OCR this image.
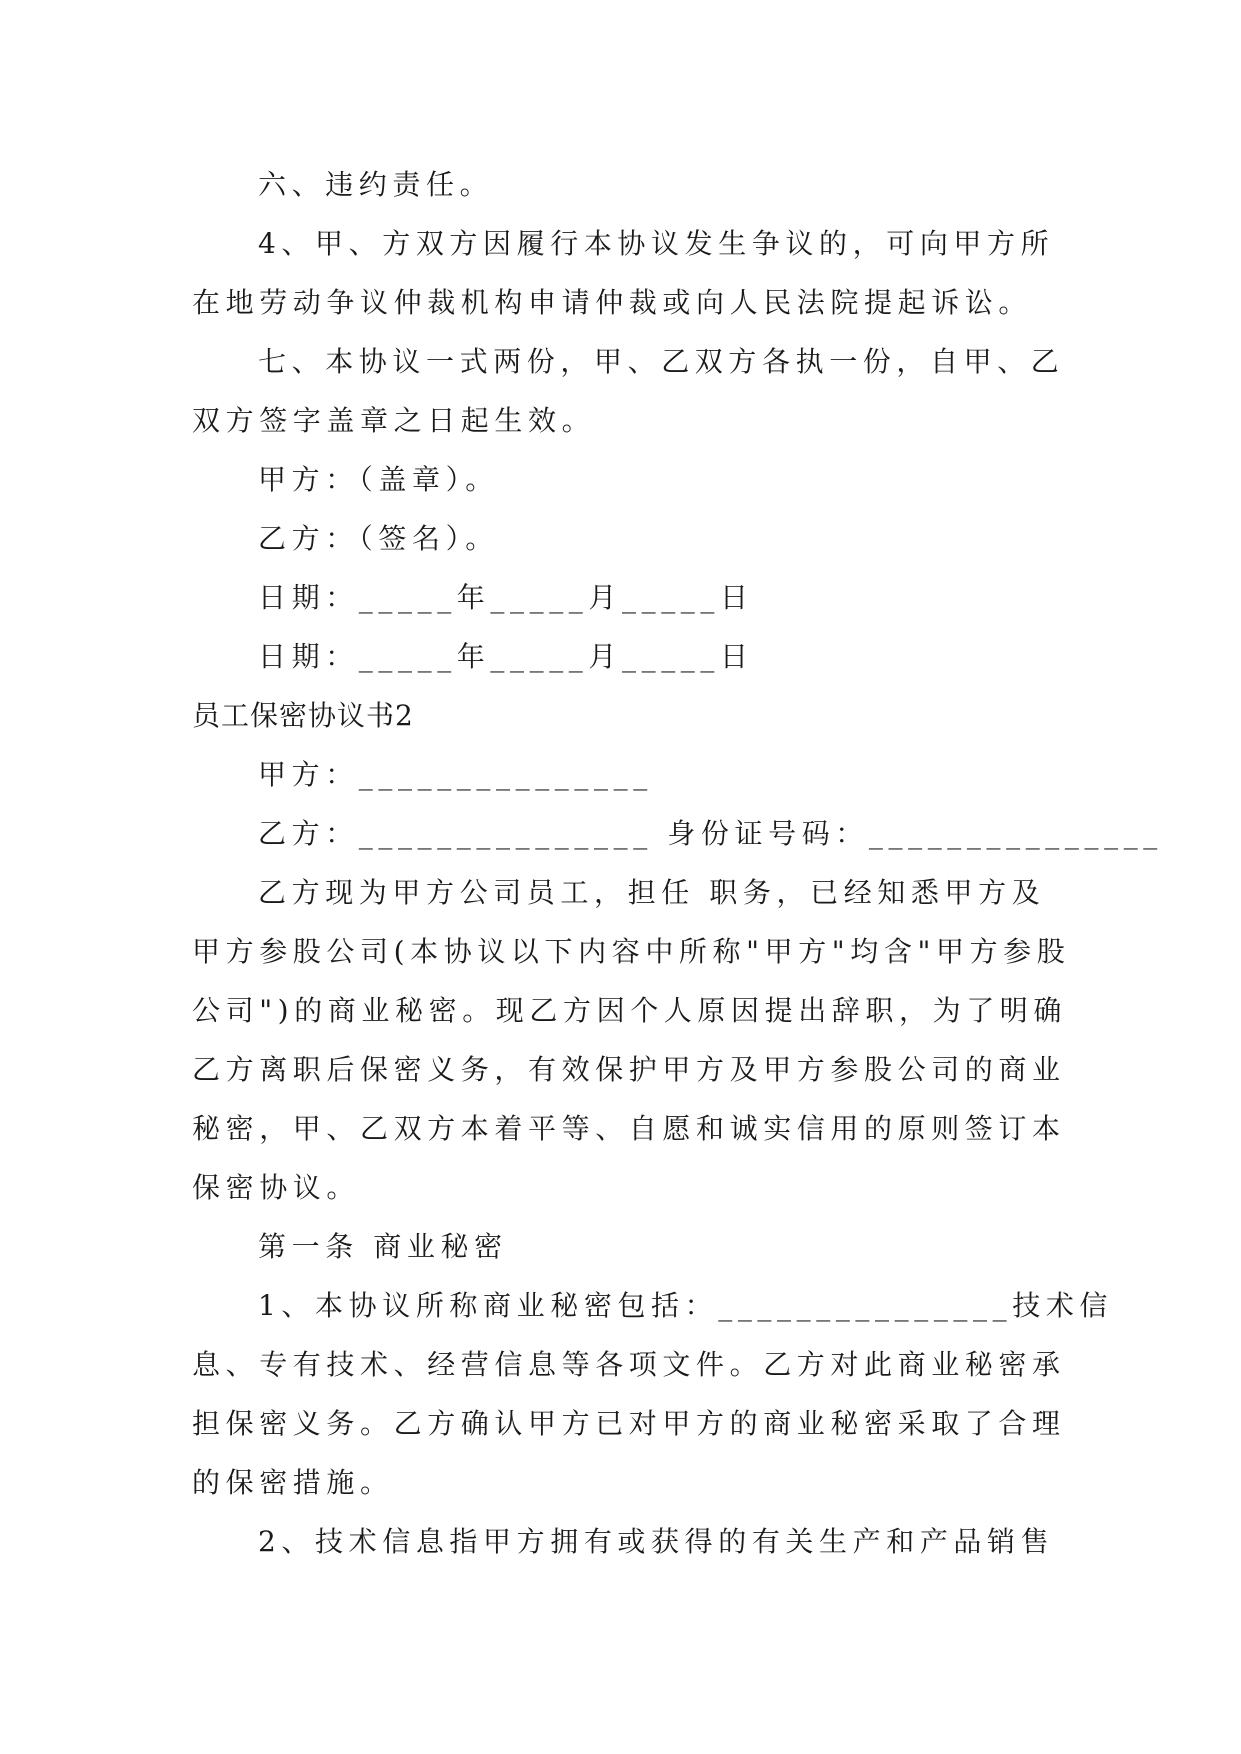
六、违约责任。
4、甲、方双方因履行本协议发生争议的，可向甲方所
在地劳动争议仲裁机构申请仲裁或向人民法院提起诉讼。
七、本协议一式两份，甲、乙双方各执一份，自甲、乙
双方签字盖章之日起生效。
甲方：（盖章）。
乙方：（签名）。
日期：_____年_____月_____日
日期：_____年_____月_____日
员工保密协议书2
甲方：_______________
乙方：_______________ 身份证号码：_______________
乙方现为甲方公司员工，担任 职务，已经知悉甲方及
甲方参股公司(本协议以下内容中所称"甲方"均含"甲方参股
公司")的商业秘密。现乙方因个人原因提出辞职，为了明确
乙方离职后保密义务，有效保护甲方及甲方参股公司的商业
秘密，甲、乙双方本着平等、自愿和诚实信用的原则签订本
保密协议。
第一条 商业秘密
1、本协议所称商业秘密包括：_______________技术信
息、专有技术、经营信息等各项文件。乙方对此商业秘密承
担保密义务。乙方确认甲方已对甲方的商业秘密采取了合理
的保密措施。
2、技术信息指甲方拥有或获得的有关生产和产品销售
